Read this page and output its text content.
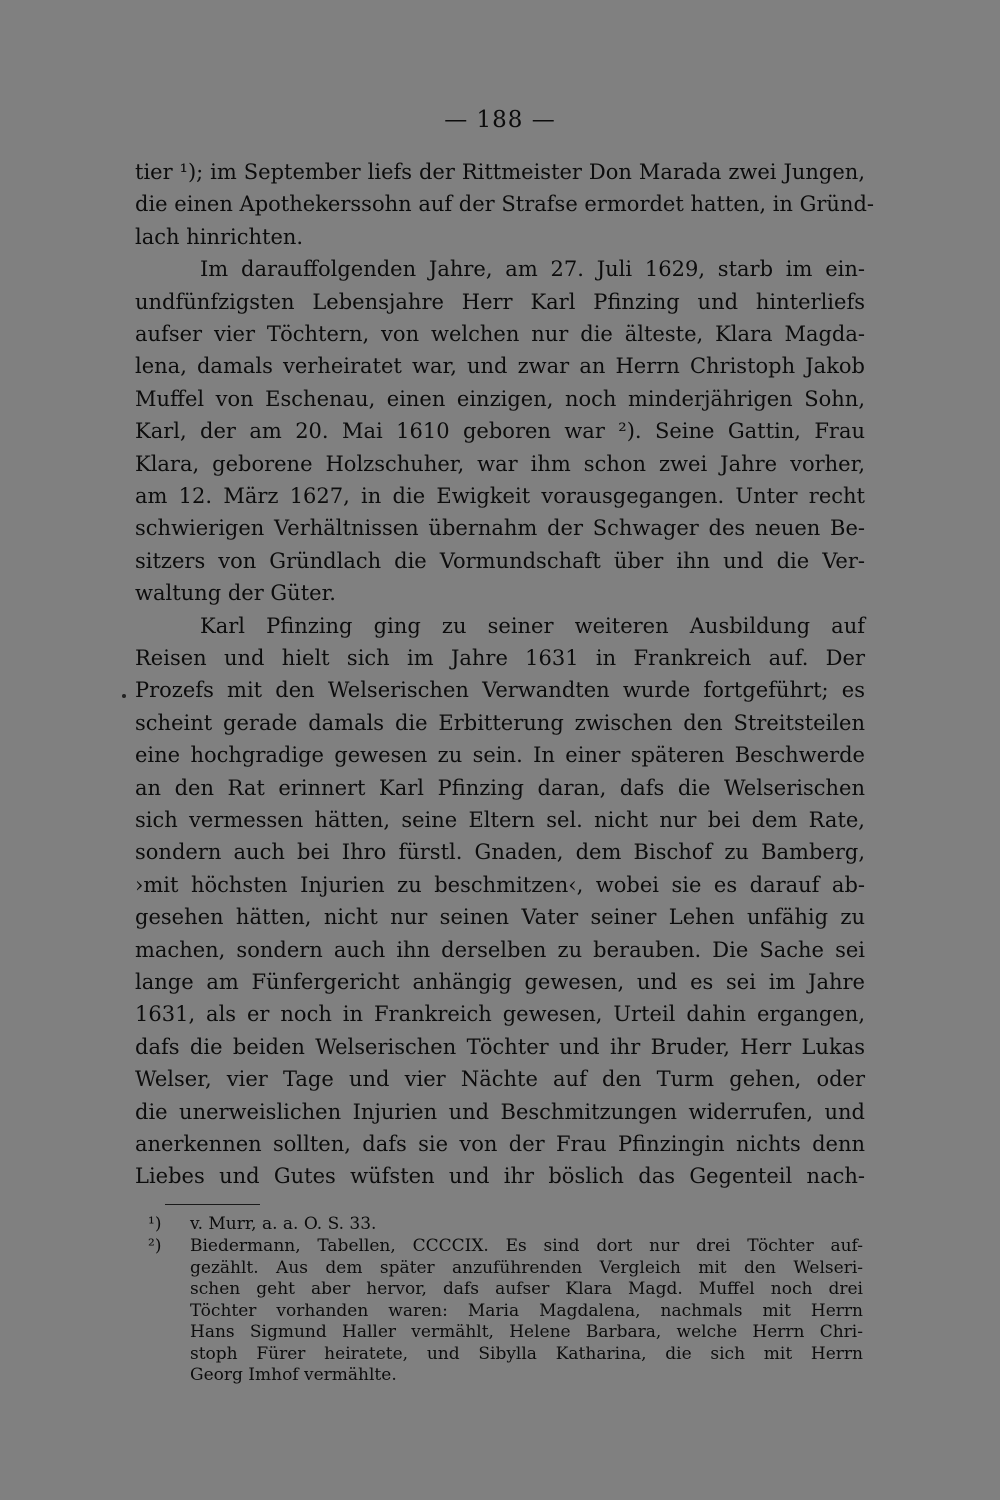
— 188 —
tier ¹); im September liefs der Rittmeister Don Marada zwei Jungen,
die einen Apothekerssohn auf der Strafse ermordet hatten, in Gründ-
lach hinrichten.
Im darauffolgenden Jahre, am 27. Juli 1629, starb im ein-
undfünfzigsten Lebensjahre Herr Karl Pfinzing und hinterliefs
aufser vier Töchtern, von welchen nur die älteste, Klara Magda-
lena, damals verheiratet war, und zwar an Herrn Christoph Jakob
Muffel von Eschenau, einen einzigen, noch minderjährigen Sohn,
Karl, der am 20. Mai 1610 geboren war ²). Seine Gattin, Frau
Klara, geborene Holzschuher, war ihm schon zwei Jahre vorher,
am 12. März 1627, in die Ewigkeit vorausgegangen. Unter recht
schwierigen Verhältnissen übernahm der Schwager des neuen Be-
sitzers von Gründlach die Vormundschaft über ihn und die Ver-
waltung der Güter.
Karl Pfinzing ging zu seiner weiteren Ausbildung auf
Reisen und hielt sich im Jahre 1631 in Frankreich auf. Der
Prozefs mit den Welserischen Verwandten wurde fortgeführt; es
scheint gerade damals die Erbitterung zwischen den Streitsteilen
eine hochgradige gewesen zu sein. In einer späteren Beschwerde
an den Rat erinnert Karl Pfinzing daran, dafs die Welserischen
sich vermessen hätten, seine Eltern sel. nicht nur bei dem Rate,
sondern auch bei Ihro fürstl. Gnaden, dem Bischof zu Bamberg,
›mit höchsten Injurien zu beschmitzen‹, wobei sie es darauf ab-
gesehen hätten, nicht nur seinen Vater seiner Lehen unfähig zu
machen, sondern auch ihn derselben zu berauben. Die Sache sei
lange am Fünfergericht anhängig gewesen, und es sei im Jahre
1631, als er noch in Frankreich gewesen, Urteil dahin ergangen,
dafs die beiden Welserischen Töchter und ihr Bruder, Herr Lukas
Welser, vier Tage und vier Nächte auf den Turm gehen, oder
die unerweislichen Injurien und Beschmitzungen widerrufen, und
anerkennen sollten, dafs sie von der Frau Pfinzingin nichts denn
Liebes und Gutes wüfsten und ihr böslich das Gegenteil nach-
¹) v. Murr, a. a. O. S. 33.
²)	Biedermann, Tabellen, CCCCIX. Es sind dort nur drei Töchter auf-
gezählt. Aus dem später anzuführenden Vergleich mit den Welseri-
schen geht aber hervor, dafs aufser Klara Magd. Muffel noch drei
Töchter vorhanden waren: Maria Magdalena, nachmals mit Herrn
Hans Sigmund Haller vermählt, Helene Barbara, welche Herrn Chri-
stoph Fürer heiratete, und Sibylla Katharina, die sich mit Herrn
Georg Imhof vermählte.
